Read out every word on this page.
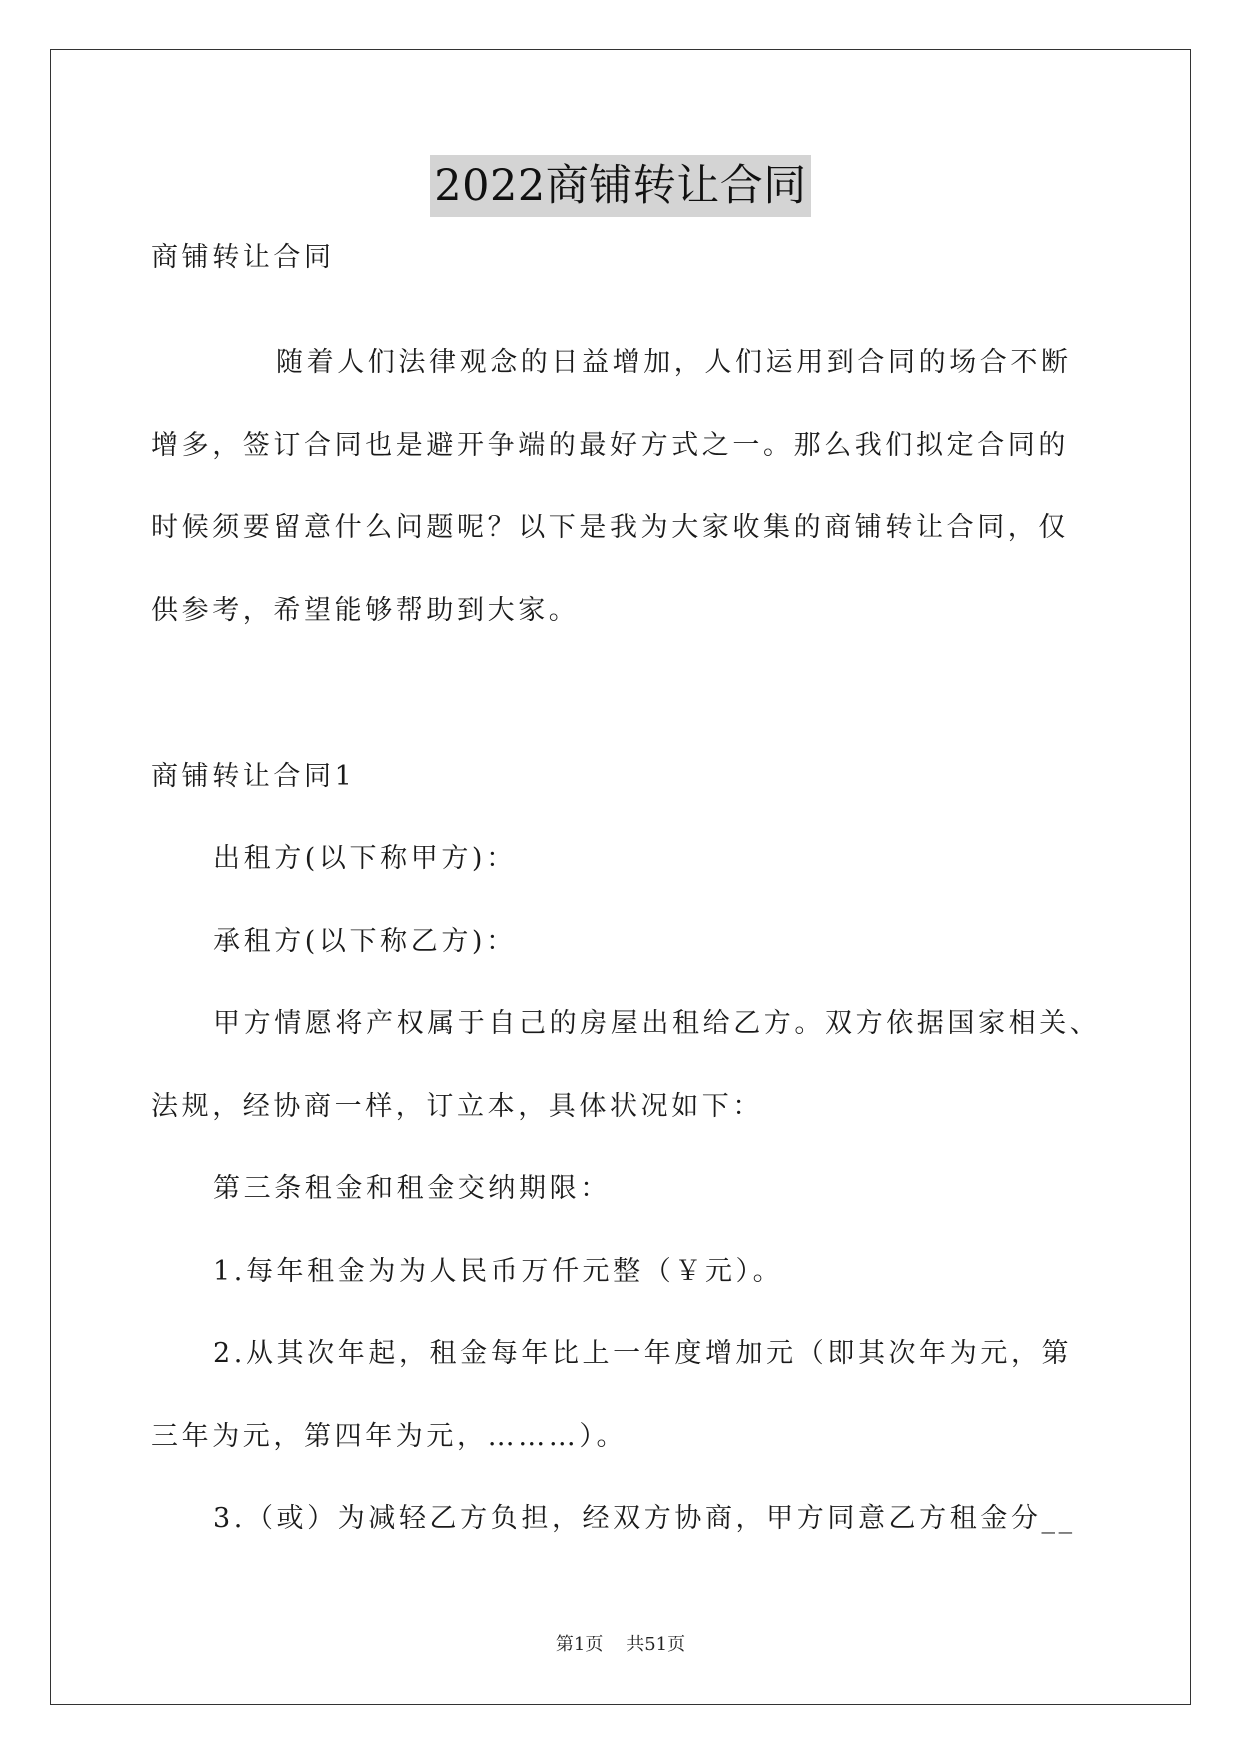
2022商铺转让合同
商铺转让合同
随着人们法律观念的日益增加，人们运用到合同的场合不断
增多，签订合同也是避开争端的最好方式之一。那么我们拟定合同的
时候须要留意什么问题呢？以下是我为大家收集的商铺转让合同，仅
供参考，希望能够帮助到大家。
商铺转让合同1
出租方(以下称甲方)：
承租方(以下称乙方)：
甲方情愿将产权属于自己的房屋出租给乙方。双方依据国家相关、
法规，经协商一样，订立本，具体状况如下：
第三条租金和租金交纳期限：
1.每年租金为为人民币万仟元整（￥元）。
2.从其次年起，租金每年比上一年度增加元（即其次年为元，第
三年为元，第四年为元，………）。
3.（或）为减轻乙方负担，经双方协商，甲方同意乙方租金分__
第1页    共51页
